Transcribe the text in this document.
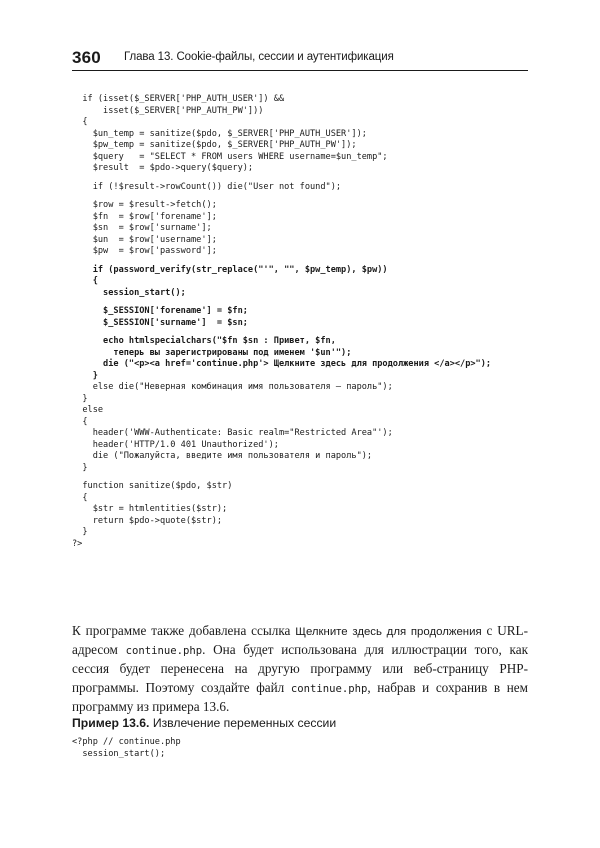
360 Глава 13. Cookie-файлы, сессии и аутентификация
if (isset($_SERVER['PHP_AUTH_USER']) &&
isset($_SERVER['PHP_AUTH_PW']))
{
$un_temp = sanitize($pdo, $_SERVER['PHP_AUTH_USER']);
$pw_temp = sanitize($pdo, $_SERVER['PHP_AUTH_PW']);
$query   = "SELECT * FROM users WHERE username=$un_temp";
$result  = $pdo->query($query);
if (!$result->rowCount()) die("User not found");
$row = $result->fetch();
$fn  = $row['forename'];
$sn  = $row['surname'];
$un  = $row['username'];
$pw  = $row['password'];
if (password_verify(str_replace("'", "", $pw_temp), $pw))
{
session_start();
$_SESSION['forename'] = $fn;
$_SESSION['surname']  = $sn;
echo htmlspecialchars("$fn $sn : Привет, $fn,
теперь вы зарегистрированы под именем '$un'");
die ("<p><a href='continue.php'> Щелкните здесь для продолжения </a></p>");
}
else die("Неверная комбинация имя пользователя – пароль");
}
else
{
header('WWW-Authenticate: Basic realm="Restricted Area"');
header('HTTP/1.0 401 Unauthorized');
die ("Пожалуйста, введите имя пользователя и пароль");
}
function sanitize($pdo, $str)
{
$str = htmlentities($str);
return $pdo->quote($str);
}
?>

К программе также добавлена ссылка Щелкните здесь для продолжения с URL-адресом continue.php. Она будет использована для иллюстрации того, как сессия будет перенесена на другую программу или веб-страницу PHP-программы. Поэтому создайте файл continue.php, набрав и сохранив в нем программу из примера 13.6.

Пример 13.6. Извлечение переменных сессии

<?php // continue.php
session_start();
